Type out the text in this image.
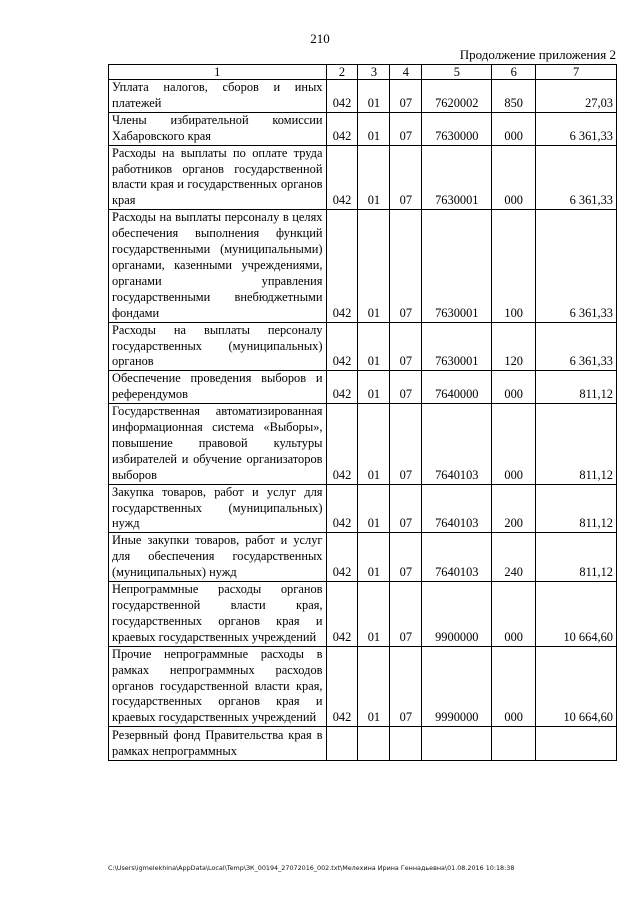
210
Продолжение приложения 2
1	2	3	4	5	6	7
Уплата налогов, сборов и иных платежей	042	01	07	7620002	850	27,03
Члены избирательной комиссии Хабаровского края	042	01	07	7630000	000	6 361,33
Расходы на выплаты по оплате труда работников органов государственной власти края и государственных органов края	042	01	07	7630001	000	6 361,33
Расходы на выплаты персоналу в целях обеспечения выполнения функций государственными (муниципальными) органами, казенными учреждениями, органами управления государственными внебюджетными фондами	042	01	07	7630001	100	6 361,33
Расходы на выплаты персоналу государственных (муниципальных) органов	042	01	07	7630001	120	6 361,33
Обеспечение проведения выборов и референдумов	042	01	07	7640000	000	811,12
Государственная автоматизированная информационная система «Выборы», повышение правовой культуры избирателей и обучение организаторов выборов	042	01	07	7640103	000	811,12
Закупка товаров, работ и услуг для государственных (муниципальных) нужд	042	01	07	7640103	200	811,12
Иные закупки товаров, работ и услуг для обеспечения государственных (муниципальных) нужд	042	01	07	7640103	240	811,12
Непрограммные расходы органов государственной власти края, государственных органов края и краевых государственных учреждений	042	01	07	9900000	000	10 664,60
Прочие непрограммные расходы в рамках непрограммных расходов органов государственной власти края, государственных органов края и краевых государственных учреждений	042	01	07	9990000	000	10 664,60
Резервный фонд Правительства края в рамках непрограммных						
C:\Users\igmelekhina\AppData\Local\Temp\ЗК_00194_27072016_002.txt\Мелехина Ирина Геннадьевна\01.08.2016 10:18:38
